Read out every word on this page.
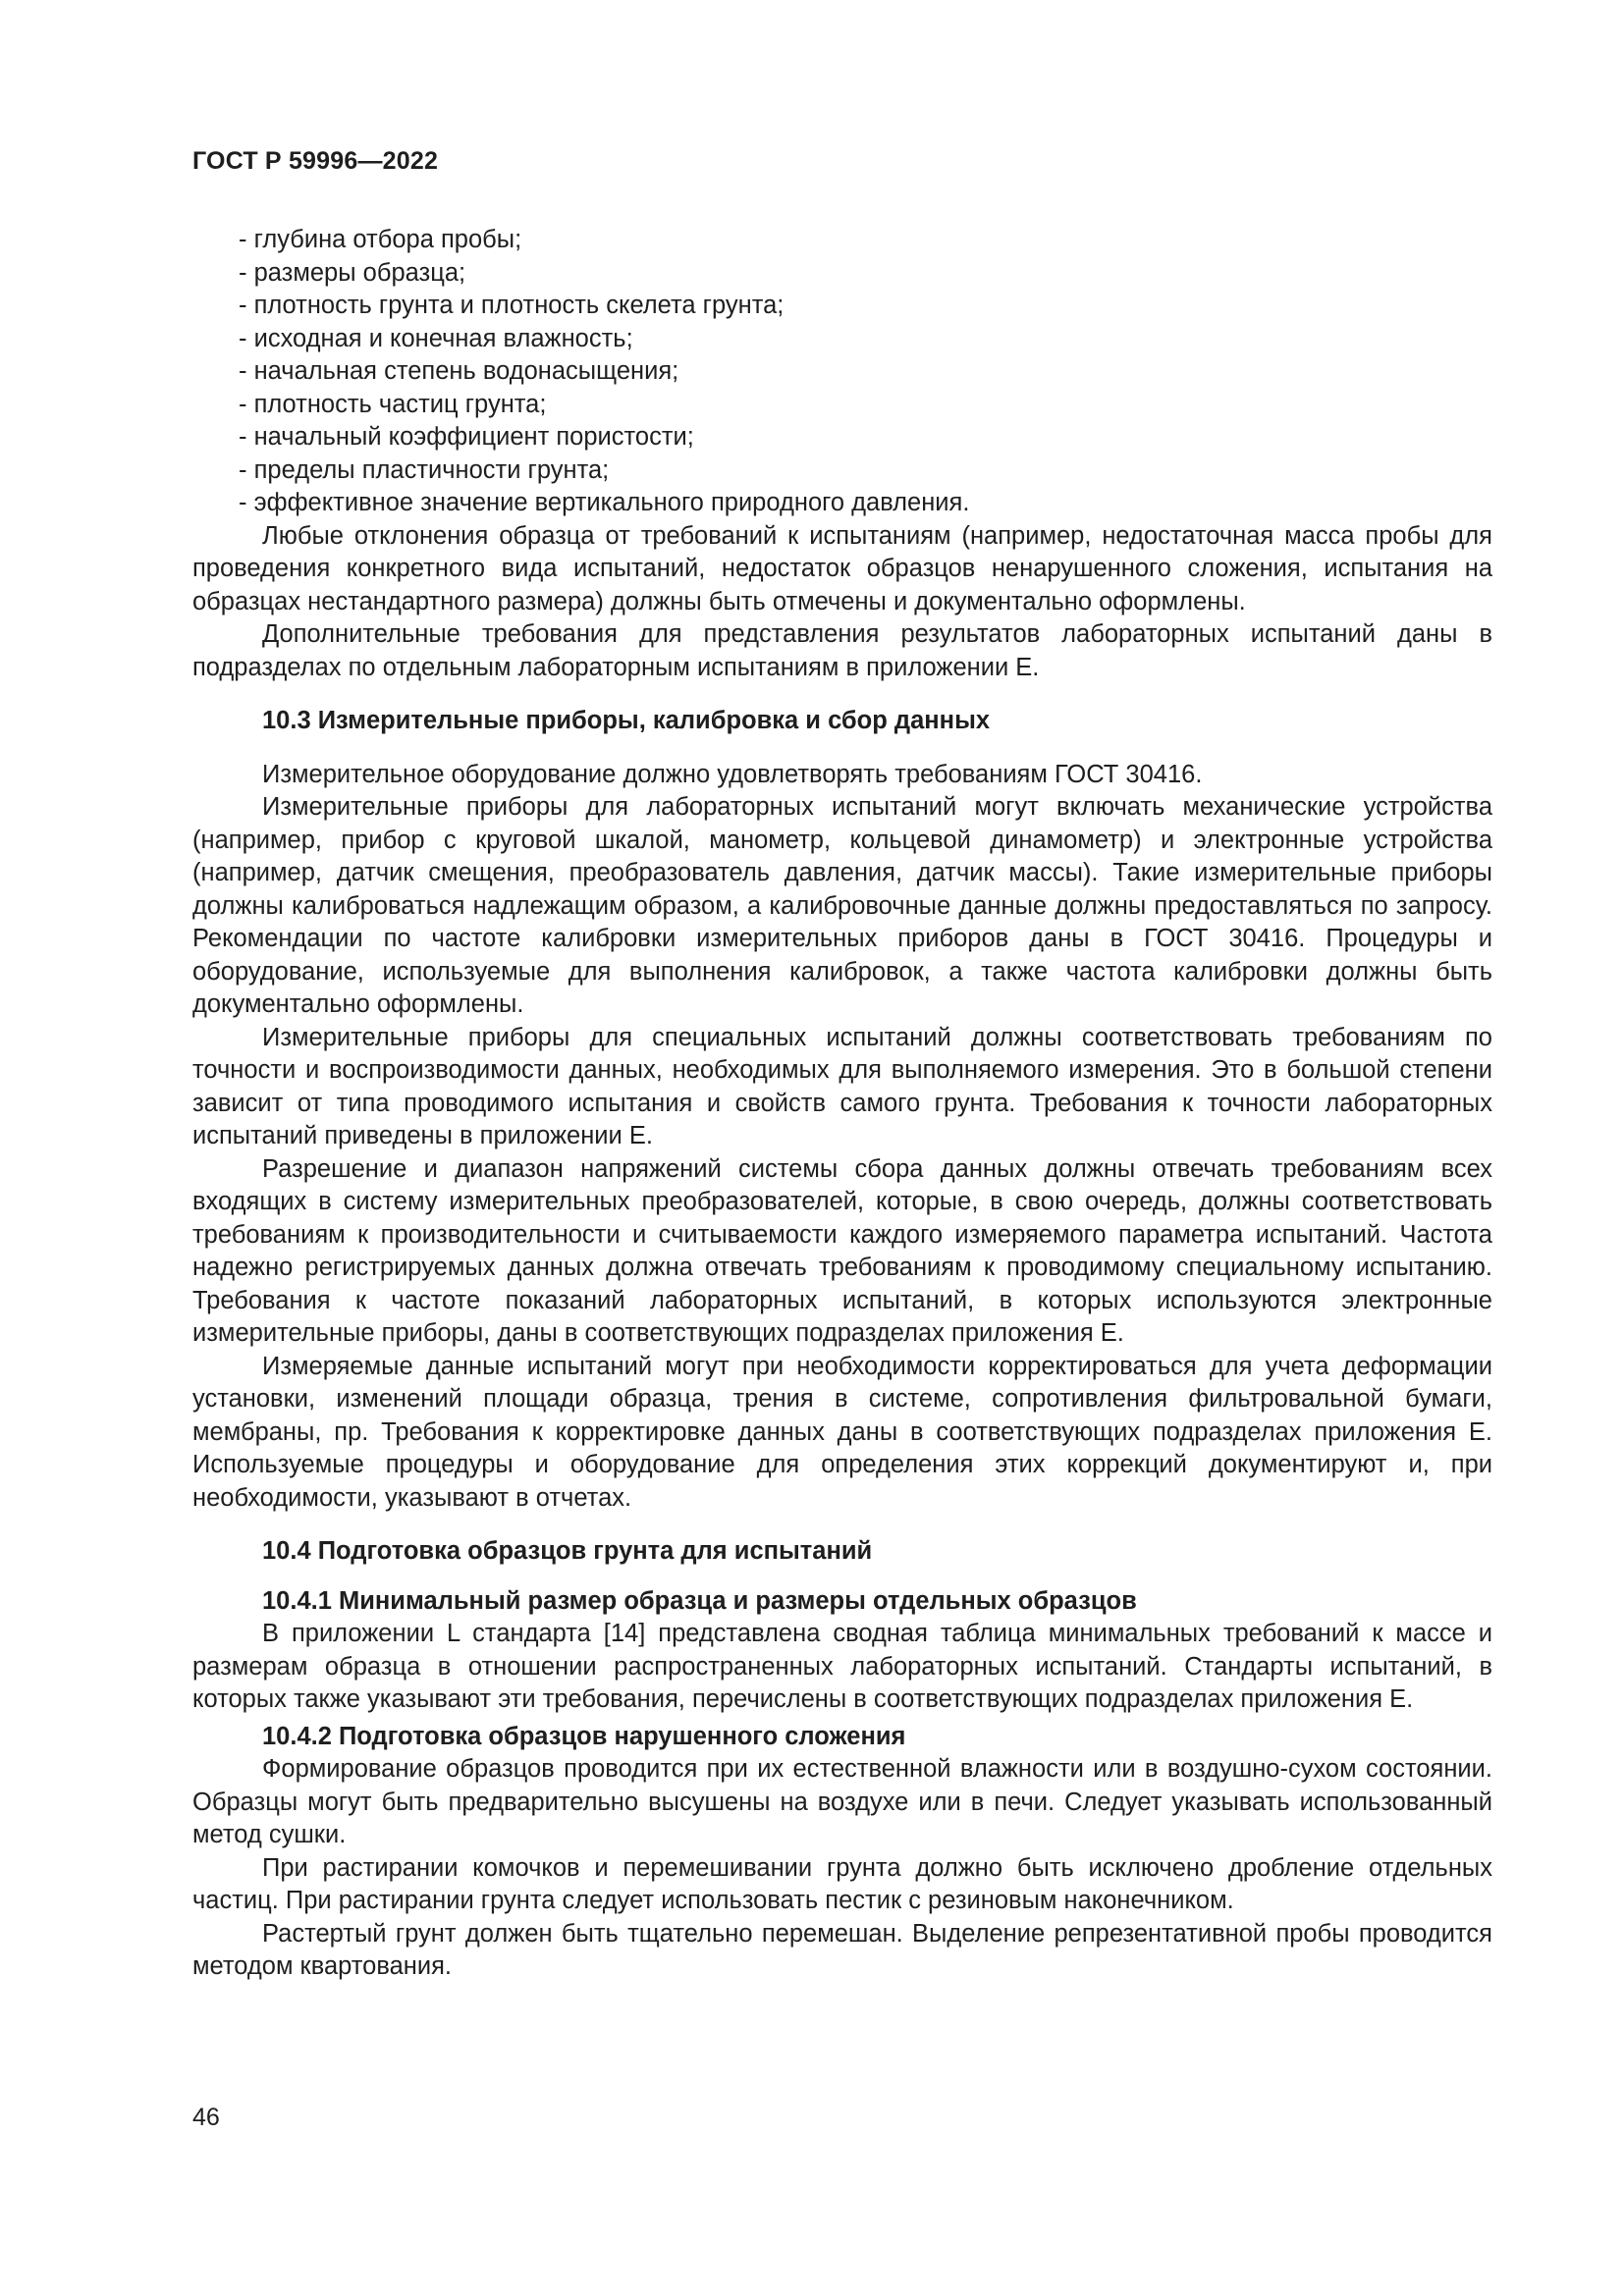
ГОСТ Р 59996—2022
- глубина отбора пробы;
- размеры образца;
- плотность грунта и плотность скелета грунта;
- исходная и конечная влажность;
- начальная степень водонасыщения;
- плотность частиц грунта;
- начальный коэффициент пористости;
- пределы пластичности грунта;
- эффективное значение вертикального природного давления.

Любые отклонения образца от требований к испытаниям (например, недостаточная масса пробы для проведения конкретного вида испытаний, недостаток образцов ненарушенного сложения, испытания на образцах нестандартного размера) должны быть отмечены и документально оформлены.

Дополнительные требования для представления результатов лабораторных испытаний даны в подразделах по отдельным лабораторным испытаниям в приложении Е.

10.3 Измерительные приборы, калибровка и сбор данных

Измерительное оборудование должно удовлетворять требованиям ГОСТ 30416.

Измерительные приборы для лабораторных испытаний могут включать механические устройства (например, прибор с круговой шкалой, манометр, кольцевой динамометр) и электронные устройства (например, датчик смещения, преобразователь давления, датчик массы). Такие измерительные приборы должны калиброваться надлежащим образом, а калибровочные данные должны предоставляться по запросу. Рекомендации по частоте калибровки измерительных приборов даны в ГОСТ 30416. Процедуры и оборудование, используемые для выполнения калибровок, а также частота калибровки должны быть документально оформлены.

Измерительные приборы для специальных испытаний должны соответствовать требованиям по точности и воспроизводимости данных, необходимых для выполняемого измерения. Это в большой степени зависит от типа проводимого испытания и свойств самого грунта. Требования к точности лабораторных испытаний приведены в приложении Е.

Разрешение и диапазон напряжений системы сбора данных должны отвечать требованиям всех входящих в систему измерительных преобразователей, которые, в свою очередь, должны соответствовать требованиям к производительности и считываемости каждого измеряемого параметра испытаний. Частота надежно регистрируемых данных должна отвечать требованиям к проводимому специальному испытанию. Требования к частоте показаний лабораторных испытаний, в которых используются электронные измерительные приборы, даны в соответствующих подразделах приложения Е.

Измеряемые данные испытаний могут при необходимости корректироваться для учета деформации установки, изменений площади образца, трения в системе, сопротивления фильтровальной бумаги, мембраны, пр. Требования к корректировке данных даны в соответствующих подразделах приложения Е. Используемые процедуры и оборудование для определения этих коррекций документируют и, при необходимости, указывают в отчетах.

10.4 Подготовка образцов грунта для испытаний
10.4.1 Минимальный размер образца и размеры отдельных образцов

В приложении L стандарта [14] представлена сводная таблица минимальных требований к массе и размерам образца в отношении распространенных лабораторных испытаний. Стандарты испытаний, в которых также указывают эти требования, перечислены в соответствующих подразделах приложения Е.

10.4.2 Подготовка образцов нарушенного сложения

Формирование образцов проводится при их естественной влажности или в воздушно-сухом состоянии. Образцы могут быть предварительно высушены на воздухе или в печи. Следует указывать использованный метод сушки.

При растирании комочков и перемешивании грунта должно быть исключено дробление отдельных частиц. При растирании грунта следует использовать пестик с резиновым наконечником.

Растертый грунт должен быть тщательно перемешан. Выделение репрезентативной пробы проводится методом квартования.

46
